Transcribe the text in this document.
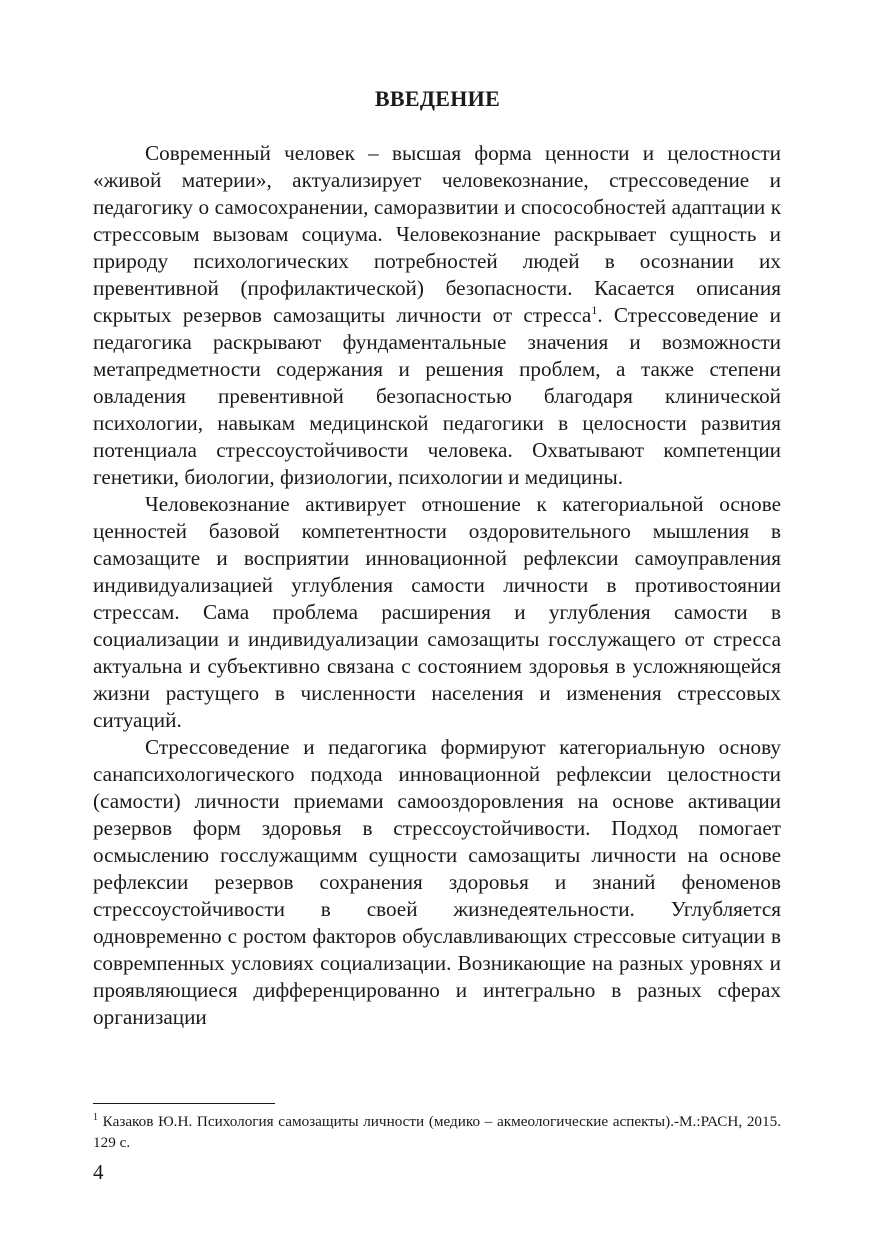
ВВЕДЕНИЕ

Современный человек – высшая форма ценности и целостности «живой материи», актуализирует человекознание, стрессоведение и педагогику о самосохранении, саморазвитии и спосособностей адаптации к стрессовым вызовам социума. Человекознание раскрывает сущность и природу психологических потребностей людей в осознании их превентивной (профилактической) безопасности. Касается описания скрытых резервов самозащиты личности от стресса$^1$. Стрессоведение и педагогика раскрывают фундаментальные значения и возможности метапредметности содержания и решения проблем, а также степени овладения превентивной безопасностью благодаря клинической психологии, навыкам медицинской педагогики в целосности развития потенциала стрессоустойчивости человека. Охватывают компетенции генетики, биологии, физиологии, психологии и медицины.

Человекознание активирует отношение к категориальной основе ценностей базовой компетентности оздоровительного мышления в самозащите и восприятии инновационной рефлексии самоуправления индивидуализацией углубления самости личности в противостоянии стрессам. Сама проблема расширения и углубления самости в социализации и индивидуализации самозащиты госслужащего от стресса актуальна и субъективно связана с состоянием здоровья в усложняющейся жизни растущего в численности населения и изменения стрессовых ситуаций.

Стрессоведение и педагогика формируют категориальную основу санапсихологического подхода инновационной рефлексии целостности (самости) личности приемами самооздоровления на основе активации резервов форм здоровья в стрессоустойчивости. Подход помогает осмыслению госслужащимм сущности самозащиты личности на основе рефлексии резервов сохранения здоровья и знаний феноменов стрессоустойчивости в своей жизнедеятельности. Углубляется одновременно с ростом факторов обуславливающих стрессовые ситуации в совремпенных условиях социализации. Возникающие на разных уровнях и проявляющиеся дифференцированно и интегрально в разных сферах организации

$^1$ Казаков Ю.Н. Психология самозащиты личности (медико – акмеологические аспекты).-М.:РАСН, 2015. 129 с.

4
